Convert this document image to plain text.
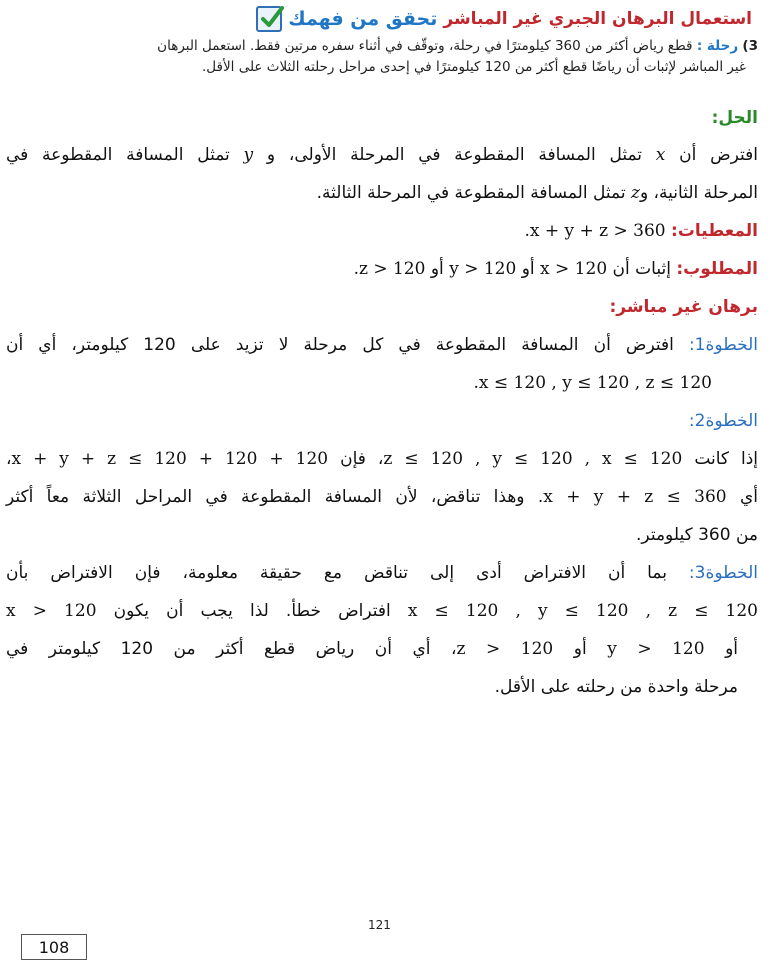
تحقق من فهمك استعمال البرهان الجبري غير المباشر
3) رحلة : قطع رياض أكثر من 360 كيلومترًا في رحلة، وتوقّف في أثناء سفره مرتين فقط. استعمل البرهان
غير المباشر لإثبات أن رياضًا قطع أكثر من 120 كيلومترًا في إحدى مراحل رحلته الثلاث على الأقل.
الحل:
افترض أن x تمثل المسافة المقطوعة في المرحلة الأولى، و y تمثل المسافة المقطوعة في
المرحلة الثانية، وz تمثل المسافة المقطوعة في المرحلة الثالثة.
المعطيات: .x + y + z > 360
المطلوب: إثبات أن x > 120 أو y > 120 أو .z > 120
برهان غير مباشر:
الخطوة1: افترض أن المسافة المقطوعة في كل مرحلة لا تزيد على 120 كيلومتر، أي أن
.x ≤ 120 , y ≤ 120 , z ≤ 120
الخطوة2:
إذا كانت z ≤ 120 , y ≤ 120 , x ≤ 120، فإن x + y + z ≤ 120 + 120 + 120،
أي x + y + z ≤ 360. وهذا تناقض، لأن المسافة المقطوعة في المراحل الثلاثة معاً أكثر
من 360 كيلومتر.
الخطوة3: بما أن الافتراض أدى إلى تناقض مع حقيقة معلومة، فإن الافتراض بأن
x ≤ 120 , y ≤ 120 , z ≤ 120 افتراض خطأ. لذا يجب أن يكون x > 120
أو y > 120 أو z > 120، أي أن رياض قطع أكثر من 120 كيلومتر في
مرحلة واحدة من رحلته على الأقل.
121
108
